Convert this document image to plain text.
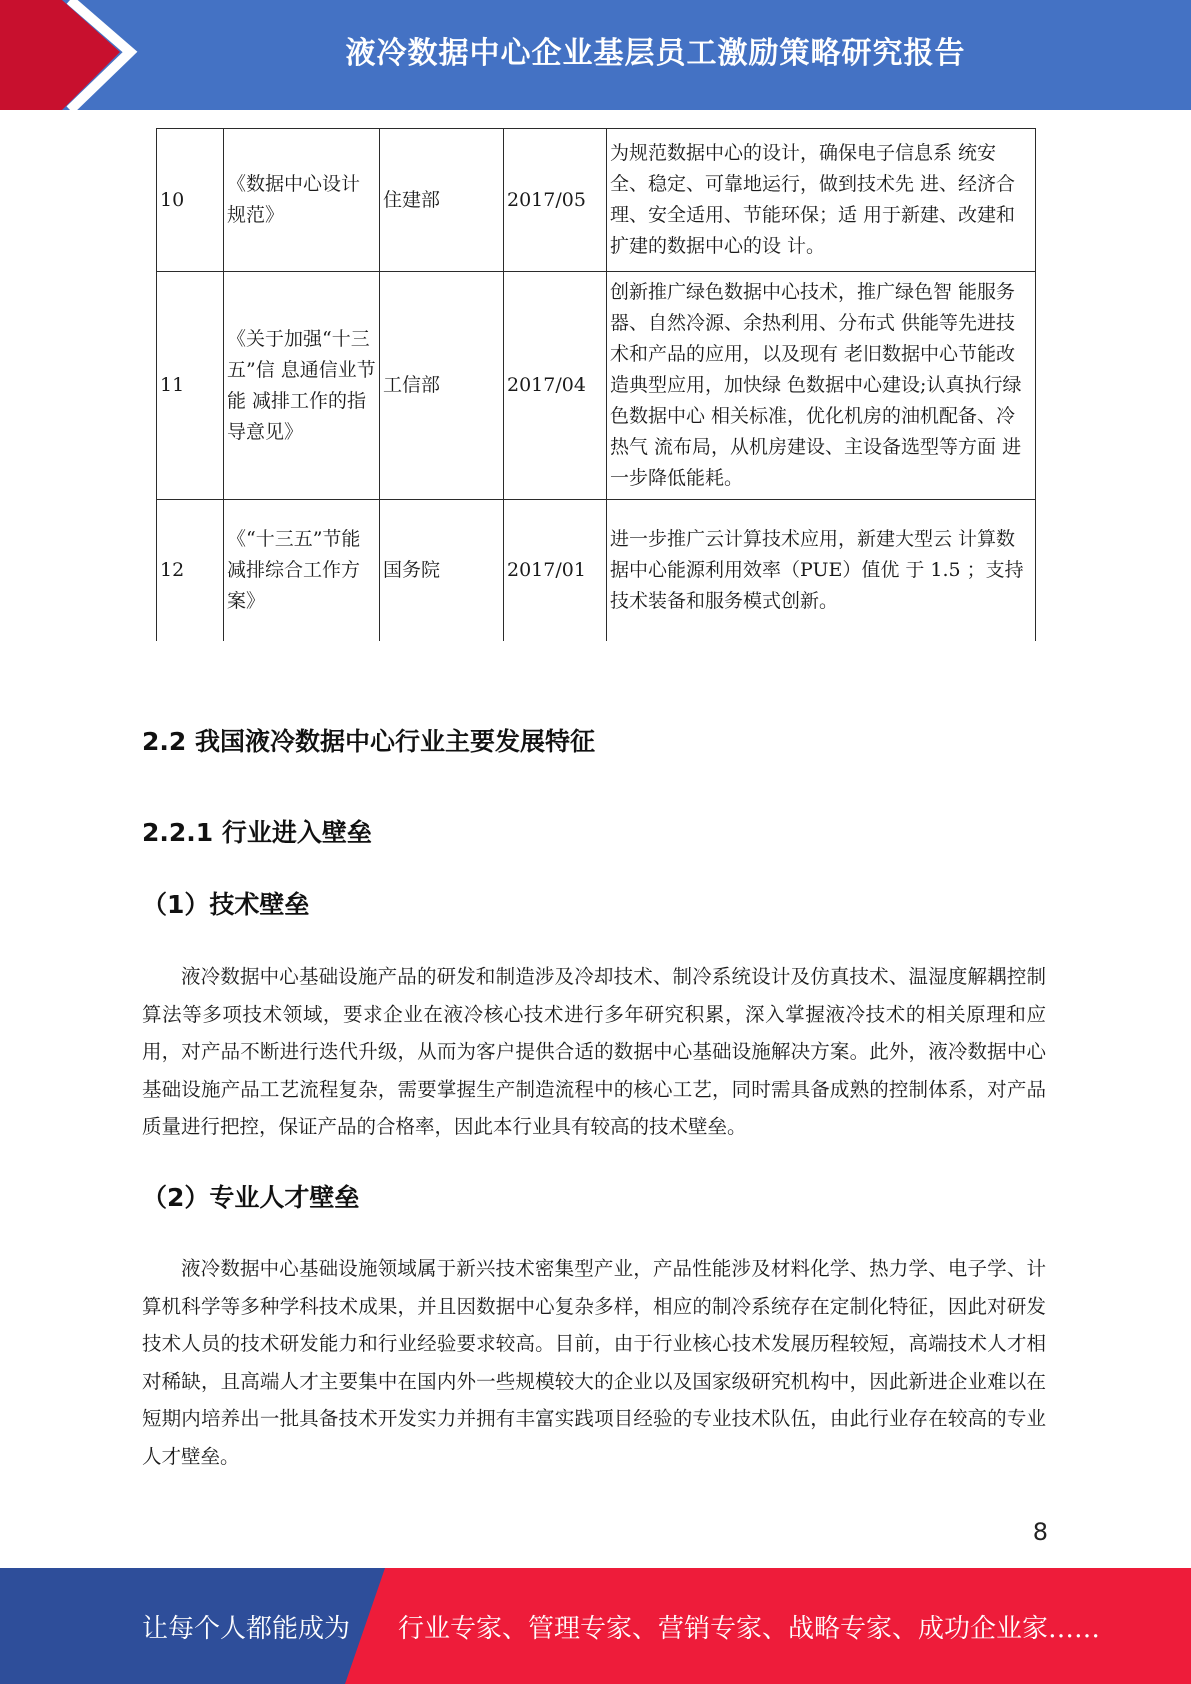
液冷数据中心企业基层员工激励策略研究报告
10	《数据中心设计规范》	住建部	2017/05	为规范数据中心的设计，确保电子信息系 统安全、稳定、可靠地运行，做到技术先 进、经济合理、安全适用、节能环保；适 用于新建、改建和扩建的数据中心的设 计。
11	《关于加强“十三五”信 息通信业节能 减排工作的指 导意见》	工信部	2017/04	创新推广绿色数据中心技术，推广绿色智 能服务器、自然冷源、余热利用、分布式 供能等先进技术和产品的应用，以及现有 老旧数据中心节能改造典型应用，加快绿 色数据中心建设;认真执行绿色数据中心 相关标准，优化机房的油机配备、冷热气 流布局，从机房建设、主设备选型等方面 进一步降低能耗。
12	《“十三五”节能减排综合工作方案》	国务院	2017/01	进一步推广云计算技术应用，新建大型云 计算数据中心能源利用效率（PUE）值优 于 1.5 ；支持技术装备和服务模式创新。
2.2 我国液冷数据中心行业主要发展特征
2.2.1 行业进入壁垒
（1）技术壁垒

液冷数据中心基础设施产品的研发和制造涉及冷却技术、制冷系统设计及仿真技术、温湿度解耦控制算法等多项技术领域，要求企业在液冷核心技术进行多年研究积累，深入掌握液冷技术的相关原理和应用，对产品不断进行迭代升级，从而为客户提供合适的数据中心基础设施解决方案。此外，液冷数据中心基础设施产品工艺流程复杂，需要掌握生产制造流程中的核心工艺，同时需具备成熟的控制体系，对产品质量进行把控，保证产品的合格率，因此本行业具有较高的技术壁垒。

（2）专业人才壁垒

液冷数据中心基础设施领域属于新兴技术密集型产业，产品性能涉及材料化学、热力学、电子学、计算机科学等多种学科技术成果，并且因数据中心复杂多样，相应的制冷系统存在定制化特征，因此对研发技术人员的技术研发能力和行业经验要求较高。目前，由于行业核心技术发展历程较短，高端技术人才相对稀缺，且高端人才主要集中在国内外一些规模较大的企业以及国家级研究机构中，因此新进企业难以在短期内培养出一批具备技术开发实力并拥有丰富实践项目经验的专业技术队伍，由此行业存在较高的专业人才壁垒。

8
让每个人都能成为 行业专家、管理专家、营销专家、战略专家、成功企业家……
